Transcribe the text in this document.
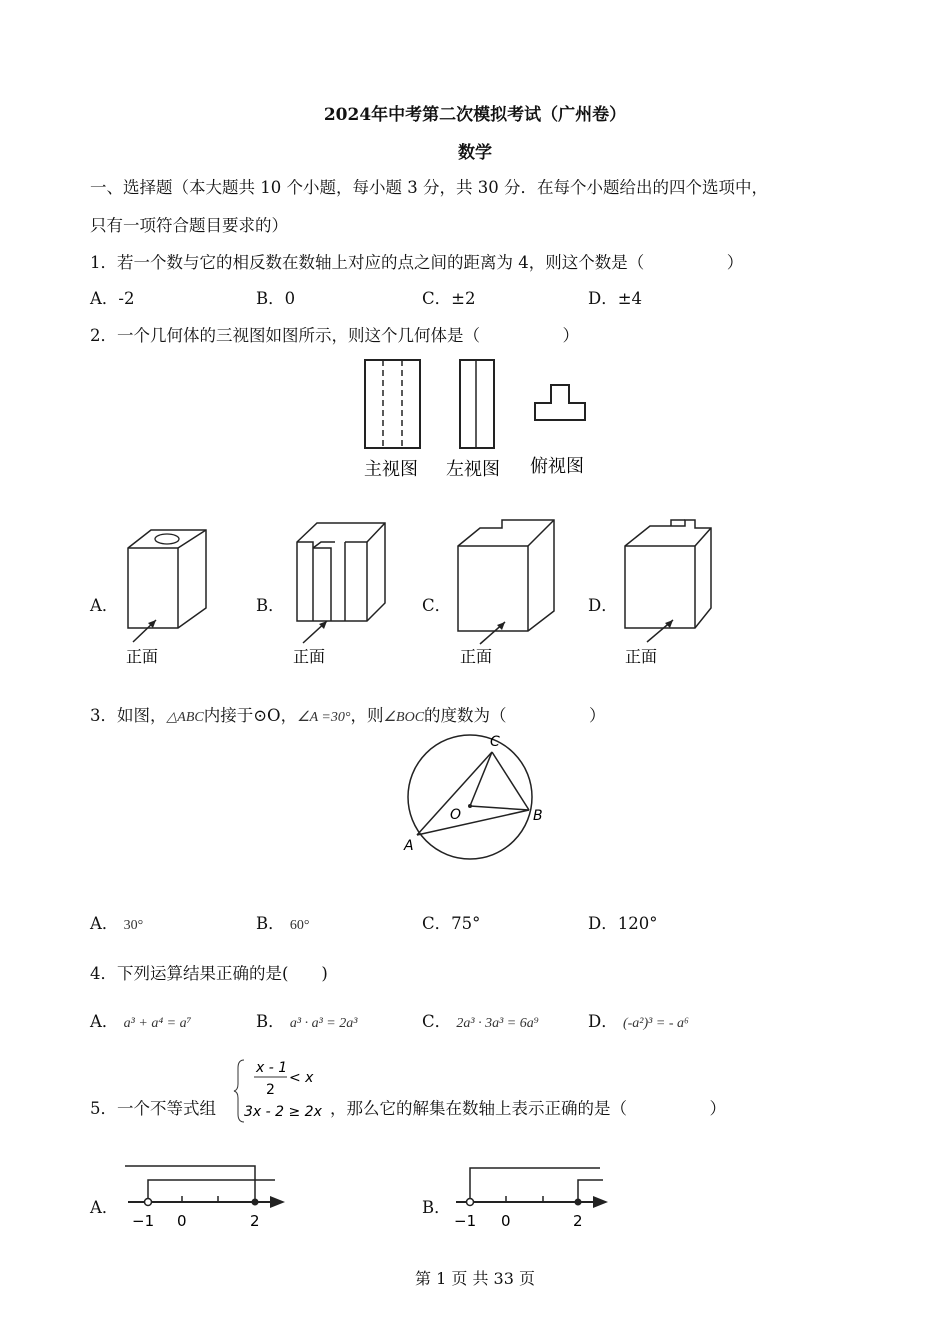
2024年中考第二次模拟考试（广州卷）
数学
一、选择题（本大题共 10 个小题，每小题 3 分，共 30 分．在每个小题给出的四个选项中，
只有一项符合题目要求的）
1．若一个数与它的相反数在数轴上对应的点之间的距离为 4，则这个数是（　　　　　）
A．-2	B．0	C．±2	D．±4
2．一个几何体的三视图如图所示，则这个几何体是（　　　　　）
主视图 左视图 俯视图
A．
正面
B．
正面
C．
正面
D．
正面
3．如图，△ABC内接于⊙O，∠A =30°，则∠BOC的度数为（　　　　　）
C
O	B
A
A． 30°	B． 60°	C．75°	D．120°
4．下列运算结果正确的是(　　)
A． a³ + a⁴ = a⁷	B． a³ · a³ = 2a³	C． 2a³ · 3a³ = 6a⁹	D． (-a²)³ = - a⁶
5．一个不等式组
x - 1
2
< x
3x - 2 ≥ 2x ，那么它的解集在数轴上表示正确的是（　　　　　）
A．
−1 0	2
B．
−1 0	2
第 1 页 共 33 页
